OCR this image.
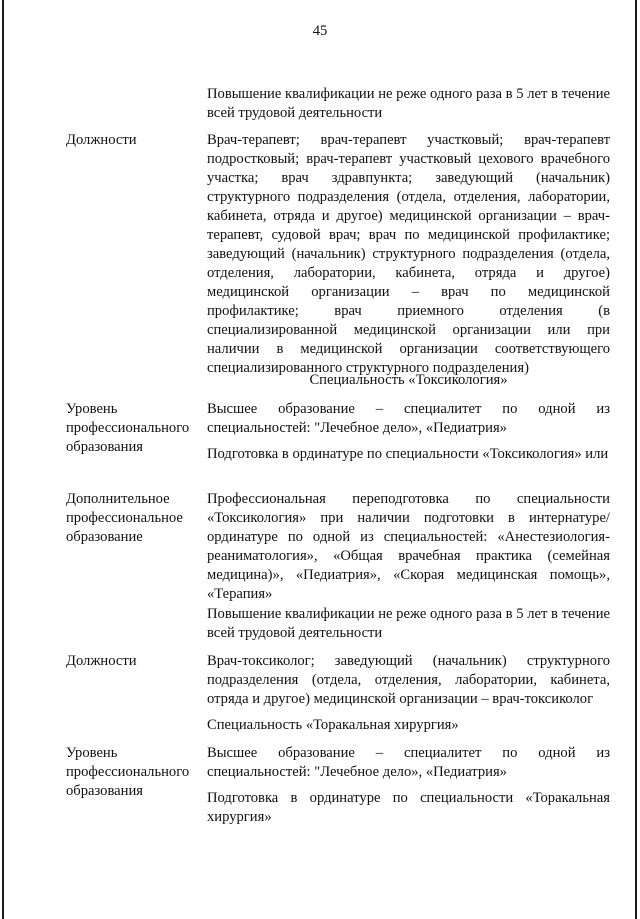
45

Повышение квалификации не реже одного раза в 5 лет в течение всей трудовой деятельности

Должности	Врач-терапевт; врач-терапевт участковый; врач-терапевт подростковый; врач-терапевт участковый цехового врачебного участка; врач здравпункта; заведующий (начальник) структурного подразделения (отдела, отделения, лаборатории, кабинета, отряда и другое) медицинской организации – врач-терапевт, судовой врач; врач по медицинской профилактике; заведующий (начальник) структурного подразделения (отдела, отделения, лаборатории, кабинета, отряда и другое) медицинской организации – врач по медицинской профилактике; врач приемного отделения (в специализированной медицинской организации или при наличии в медицинской организации соответствующего специализированного структурного подразделения)

Специальность «Токсикология»

Уровень профессионального образования

Высшее образование – специалитет по одной из специальностей: "Лечебное дело», «Педиатрия»

Подготовка в ординатуре по специальности «Токсикология» или

Дополнительное профессиональное образование

Профессиональная переподготовка по специальности «Токсикология» при наличии подготовки в интернатуре/ординатуре по одной из специальностей: «Анестезиология-реаниматология», «Общая врачебная практика (семейная медицина)», «Педиатрия», «Скорая медицинская помощь», «Терапия»

Повышение квалификации не реже одного раза в 5 лет в течение всей трудовой деятельности

Должности	Врач-токсиколог; заведующий (начальник) структурного подразделения (отдела, отделения, лаборатории, кабинета, отряда и другое) медицинской организации – врач-токсиколог

Специальность «Торакальная хирургия»

Уровень профессионального образования

Высшее образование – специалитет по одной из специальностей: "Лечебное дело», «Педиатрия»

Подготовка в ординатуре по специальности «Торакальная хирургия»
